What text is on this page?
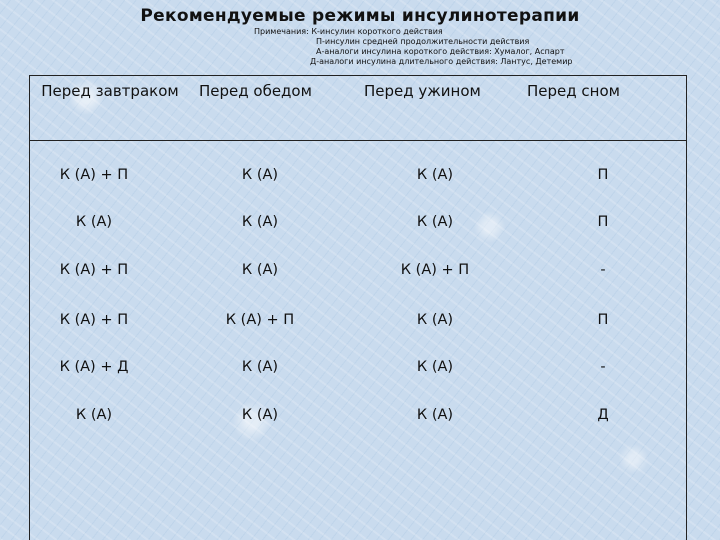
Рекомендуемые режимы инсулинотерапии
Примечания: К-инсулин короткого действия
П-инсулин средней продолжительности действия
А-аналоги инсулина короткого действия: Хумалог, Аспарт
Д-аналоги инсулина длительного действия: Лантус, Детемир
Перед завтраком	Перед обедом	Перед ужином	Перед сном
К (А) + П	К (А)	К (А)	П
К (А)	К (А)	К (А)	П
К (А) + П	К (А)	К (А) + П	-
К (А) + П	К (А) + П	К (А)	П
К (А) + Д	К (А)	К (А)	-
К (А)	К (А)	К (А)	Д
